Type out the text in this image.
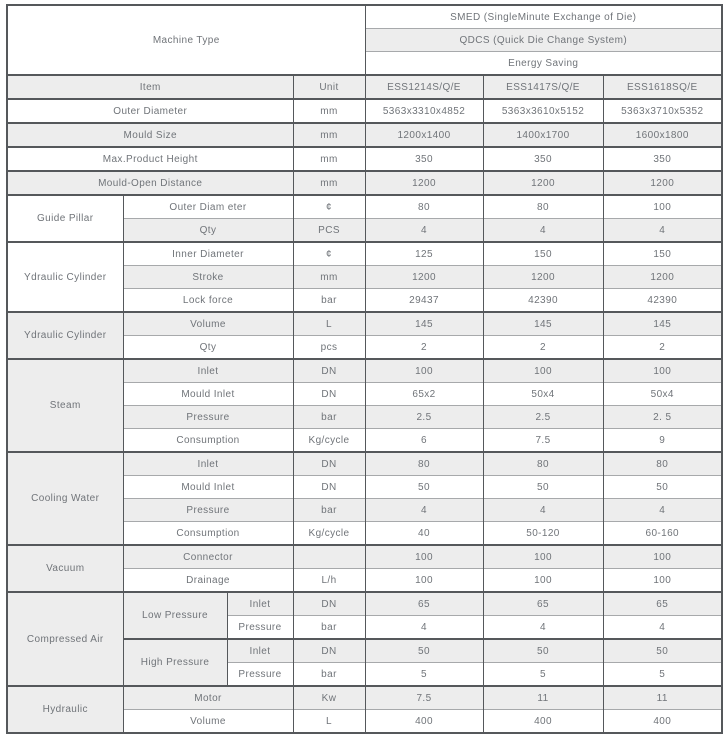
Machine Type				SMED (SingleMinute Exchange of Die)		
				QDCS (Quick Die Change System)		
				Energy Saving		
Item			Unit	ESS1214S/Q/E	ESS1417S/Q/E	ESS1618SQ/E
Outer Diameter			mm	5363x3310x4852	5363x3610x5152	5363x3710x5352
Mould Size			mm	1200x1400	1400x1700	1600x1800
Max.Product Height			mm	350	350	350
Mould-Open Distance			mm	1200	1200	1200
Guide Pillar	Outer Diam eter		¢	80	80	100
	Qty		PCS	4	4	4
Ydraulic Cylinder	Inner Diameter		¢	125	150	150
	Stroke		mm	1200	1200	1200
	Lock force		bar	29437	42390	42390
Ydraulic Cylinder	Volume		L	145	145	145
	Qty		pcs	2	2	2
Steam	Inlet		DN	100	100	100
	Mould Inlet		DN	65x2	50x4	50x4
	Pressure		bar	2.5	2.5	2. 5
	Consumption		Kg/cycle	6	7.5	9
Cooling Water	Inlet		DN	80	80	80
	Mould Inlet		DN	50	50	50
	Pressure		bar	4	4	4
	Consumption		Kg/cycle	40	50-120	60-160
Vacuum	Connector			100	100	100
	Drainage		L/h	100	100	100
Compressed Air	Low Pressure	Inlet	DN	65	65	65
		Pressure	bar	4	4	4
	High Pressure	Inlet	DN	50	50	50
		Pressure	bar	5	5	5
Hydraulic	Motor		Kw	7.5	11	11
	Volume		L	400	400	400
